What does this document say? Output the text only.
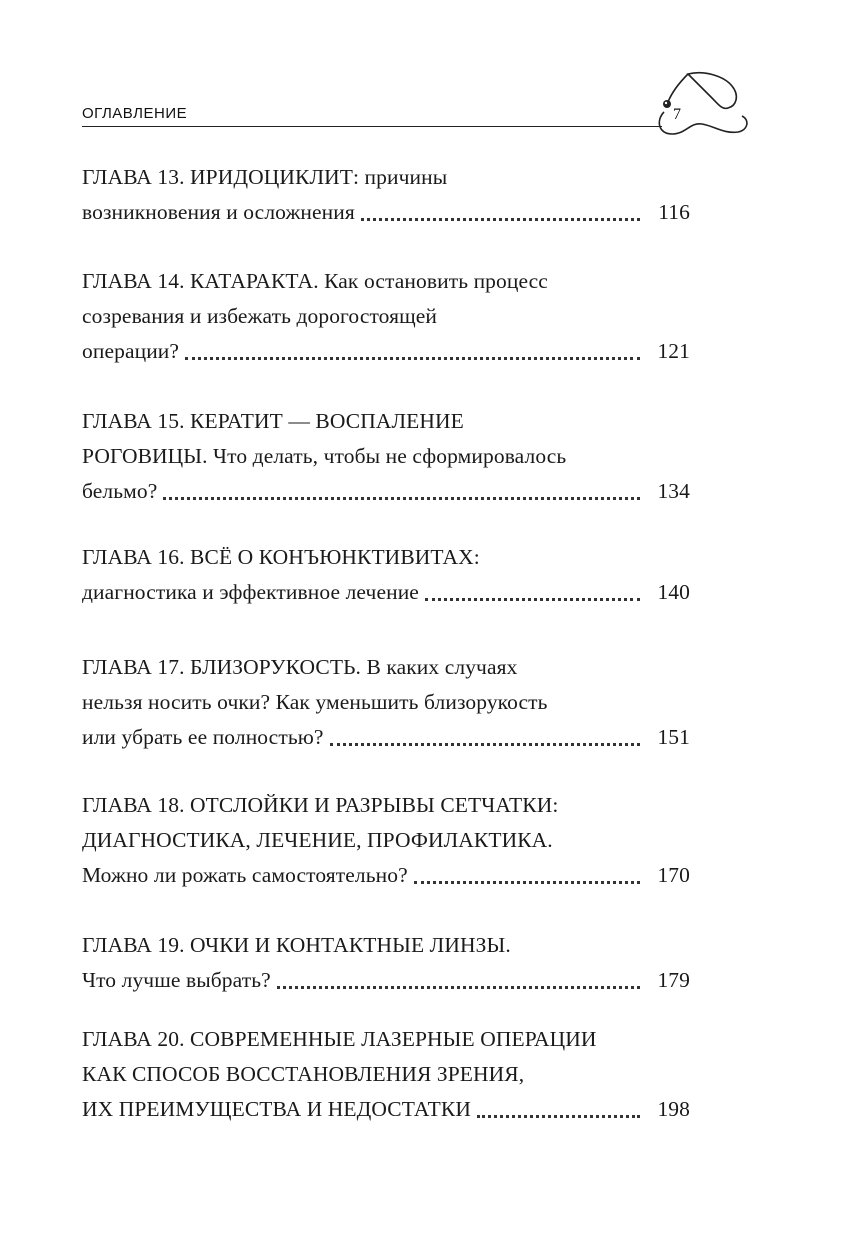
ОГЛАВЛЕНИЕ	7
ГЛАВА 13. ИРИДОЦИКЛИТ: причины
возникновения и осложнения	116
ГЛАВА 14. КАТАРАКТА. Как остановить процесс
созревания и избежать дорогостоящей
операции?	121
ГЛАВА 15. КЕРАТИТ — ВОСПАЛЕНИЕ
РОГОВИЦЫ. Что делать, чтобы не сформировалось
бельмо?	134
ГЛАВА 16. ВСЁ О КОНЪЮНКТИВИТАХ:
диагностика и эффективное лечение	140
ГЛАВА 17. БЛИЗОРУКОСТЬ. В каких случаях
нельзя носить очки? Как уменьшить близорукость
или убрать ее полностью?	151
ГЛАВА 18. ОТСЛОЙКИ И РАЗРЫВЫ СЕТЧАТКИ:
ДИАГНОСТИКА, ЛЕЧЕНИЕ, ПРОФИЛАКТИКА.
Можно ли рожать самостоятельно?	170
ГЛАВА 19. ОЧКИ И КОНТАКТНЫЕ ЛИНЗЫ.
Что лучше выбрать?	179
ГЛАВА 20. СОВРЕМЕННЫЕ ЛАЗЕРНЫЕ ОПЕРАЦИИ
КАК СПОСОБ ВОССТАНОВЛЕНИЯ ЗРЕНИЯ,
ИХ ПРЕИМУЩЕСТВА И НЕДОСТАТКИ	198
